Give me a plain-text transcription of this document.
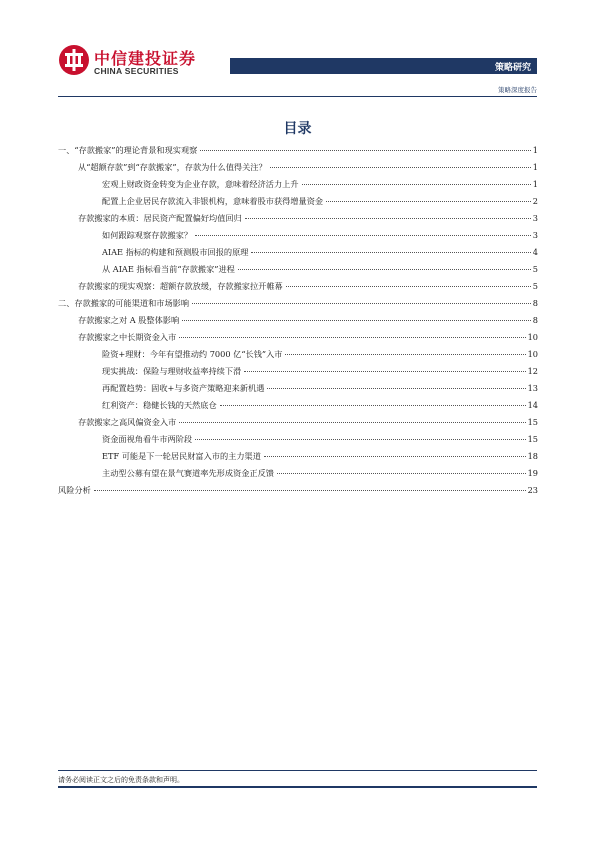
中信建投证券
CHINA SECURITIES	策略研究
策略深度报告
目录
一、“存款搬家”的理论背景和现实观察	1
从“超额存款”到“存款搬家”，存款为什么值得关注？	1
宏观上财政资金转变为企业存款，意味着经济活力上升	1
配置上企业居民存款流入非银机构，意味着股市获得增量资金	2
存款搬家的本质：居民资产配置偏好均值回归	3
如何跟踪观察存款搬家？	3
AIAE 指标的构建和预测股市回报的原理	4
从 AIAE 指标看当前“存款搬家”进程	5
存款搬家的现实观察：超额存款放缓，存款搬家拉开帷幕	5
二、存款搬家的可能渠道和市场影响	8
存款搬家之对 A 股整体影响	8
存款搬家之中长期资金入市	10
险资+理财：今年有望推动约 7000 亿“长钱”入市	10
现实挑战：保险与理财收益率持续下滑	12
再配置趋势：固收+与多资产策略迎来新机遇	13
红利资产：稳健长钱的天然底仓	14
存款搬家之高风偏资金入市	15
资金面视角看牛市两阶段	15
ETF 可能是下一轮居民财富入市的主力渠道	18
主动型公募有望在景气赛道率先形成资金正反馈	19
风险分析	23
请务必阅读正文之后的免责条款和声明。
